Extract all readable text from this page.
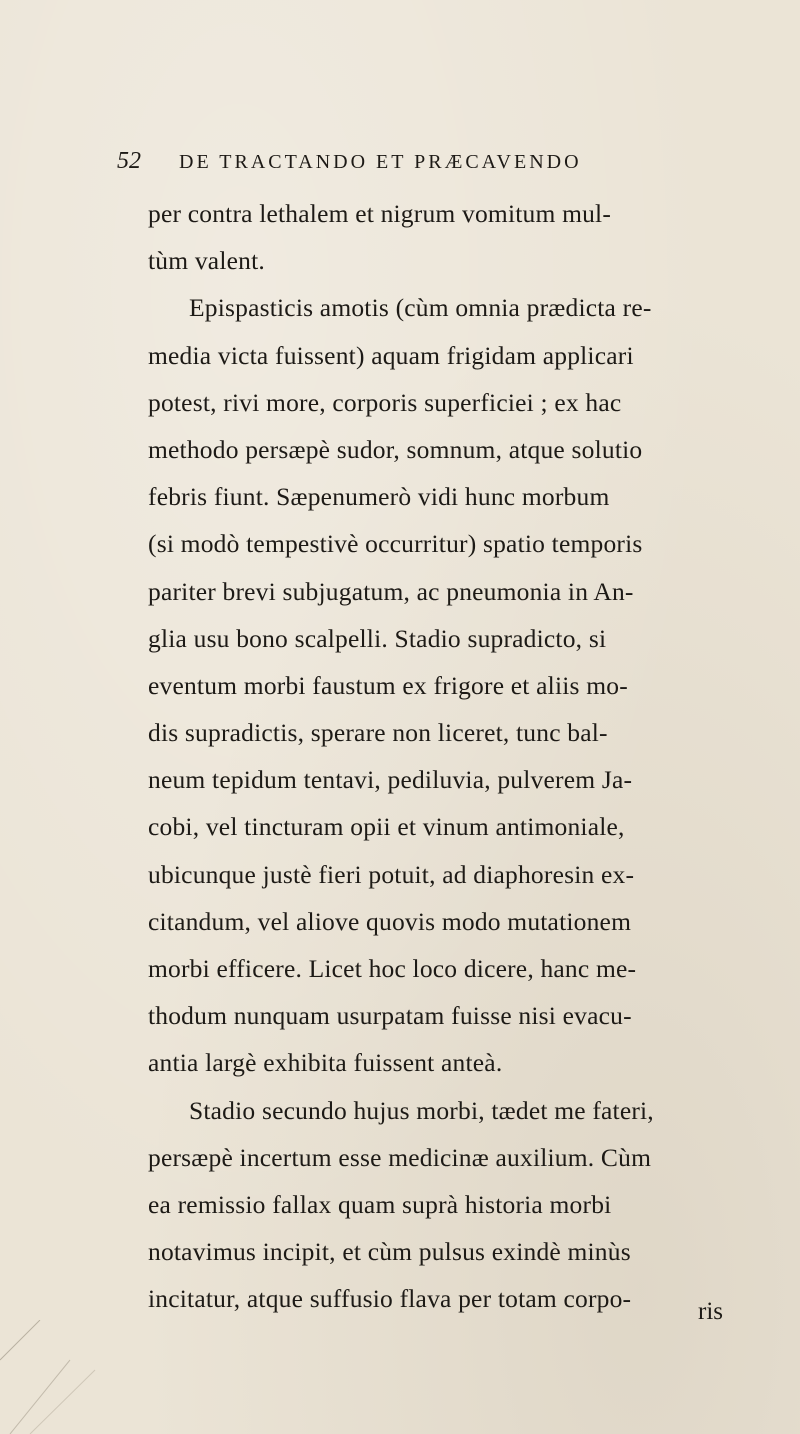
52	DE TRACTANDO ET PRÆCAVENDO
per contra lethalem et nigrum vomitum mul-
tùm valent.
Epispasticis amotis (cùm omnia prædicta re-
media victa fuissent) aquam frigidam applicari
potest, rivi more, corporis superficiei ; ex hac
methodo persæpè sudor, somnum, atque solutio
febris fiunt. Sæpenumerò vidi hunc morbum
(si modò tempestivè occurritur) spatio temporis
pariter brevi subjugatum, ac pneumonia in An-
glia usu bono scalpelli. Stadio supradicto, si
eventum morbi faustum ex frigore et aliis mo-
dis supradictis, sperare non liceret, tunc bal-
neum tepidum tentavi, pediluvia, pulverem Ja-
cobi, vel tincturam opii et vinum antimoniale,
ubicunque justè fieri potuit, ad diaphoresin ex-
citandum, vel aliove quovis modo mutationem
morbi efficere. Licet hoc loco dicere, hanc me-
thodum nunquam usurpatam fuisse nisi evacu-
antia largè exhibita fuissent anteà.
Stadio secundo hujus morbi, tædet me fateri,
persæpè incertum esse medicinæ auxilium. Cùm
ea remissio fallax quam suprà historia morbi
notavimus incipit, et cùm pulsus exindè minùs
incitatur, atque suffusio flava per totam corpo-	ris
